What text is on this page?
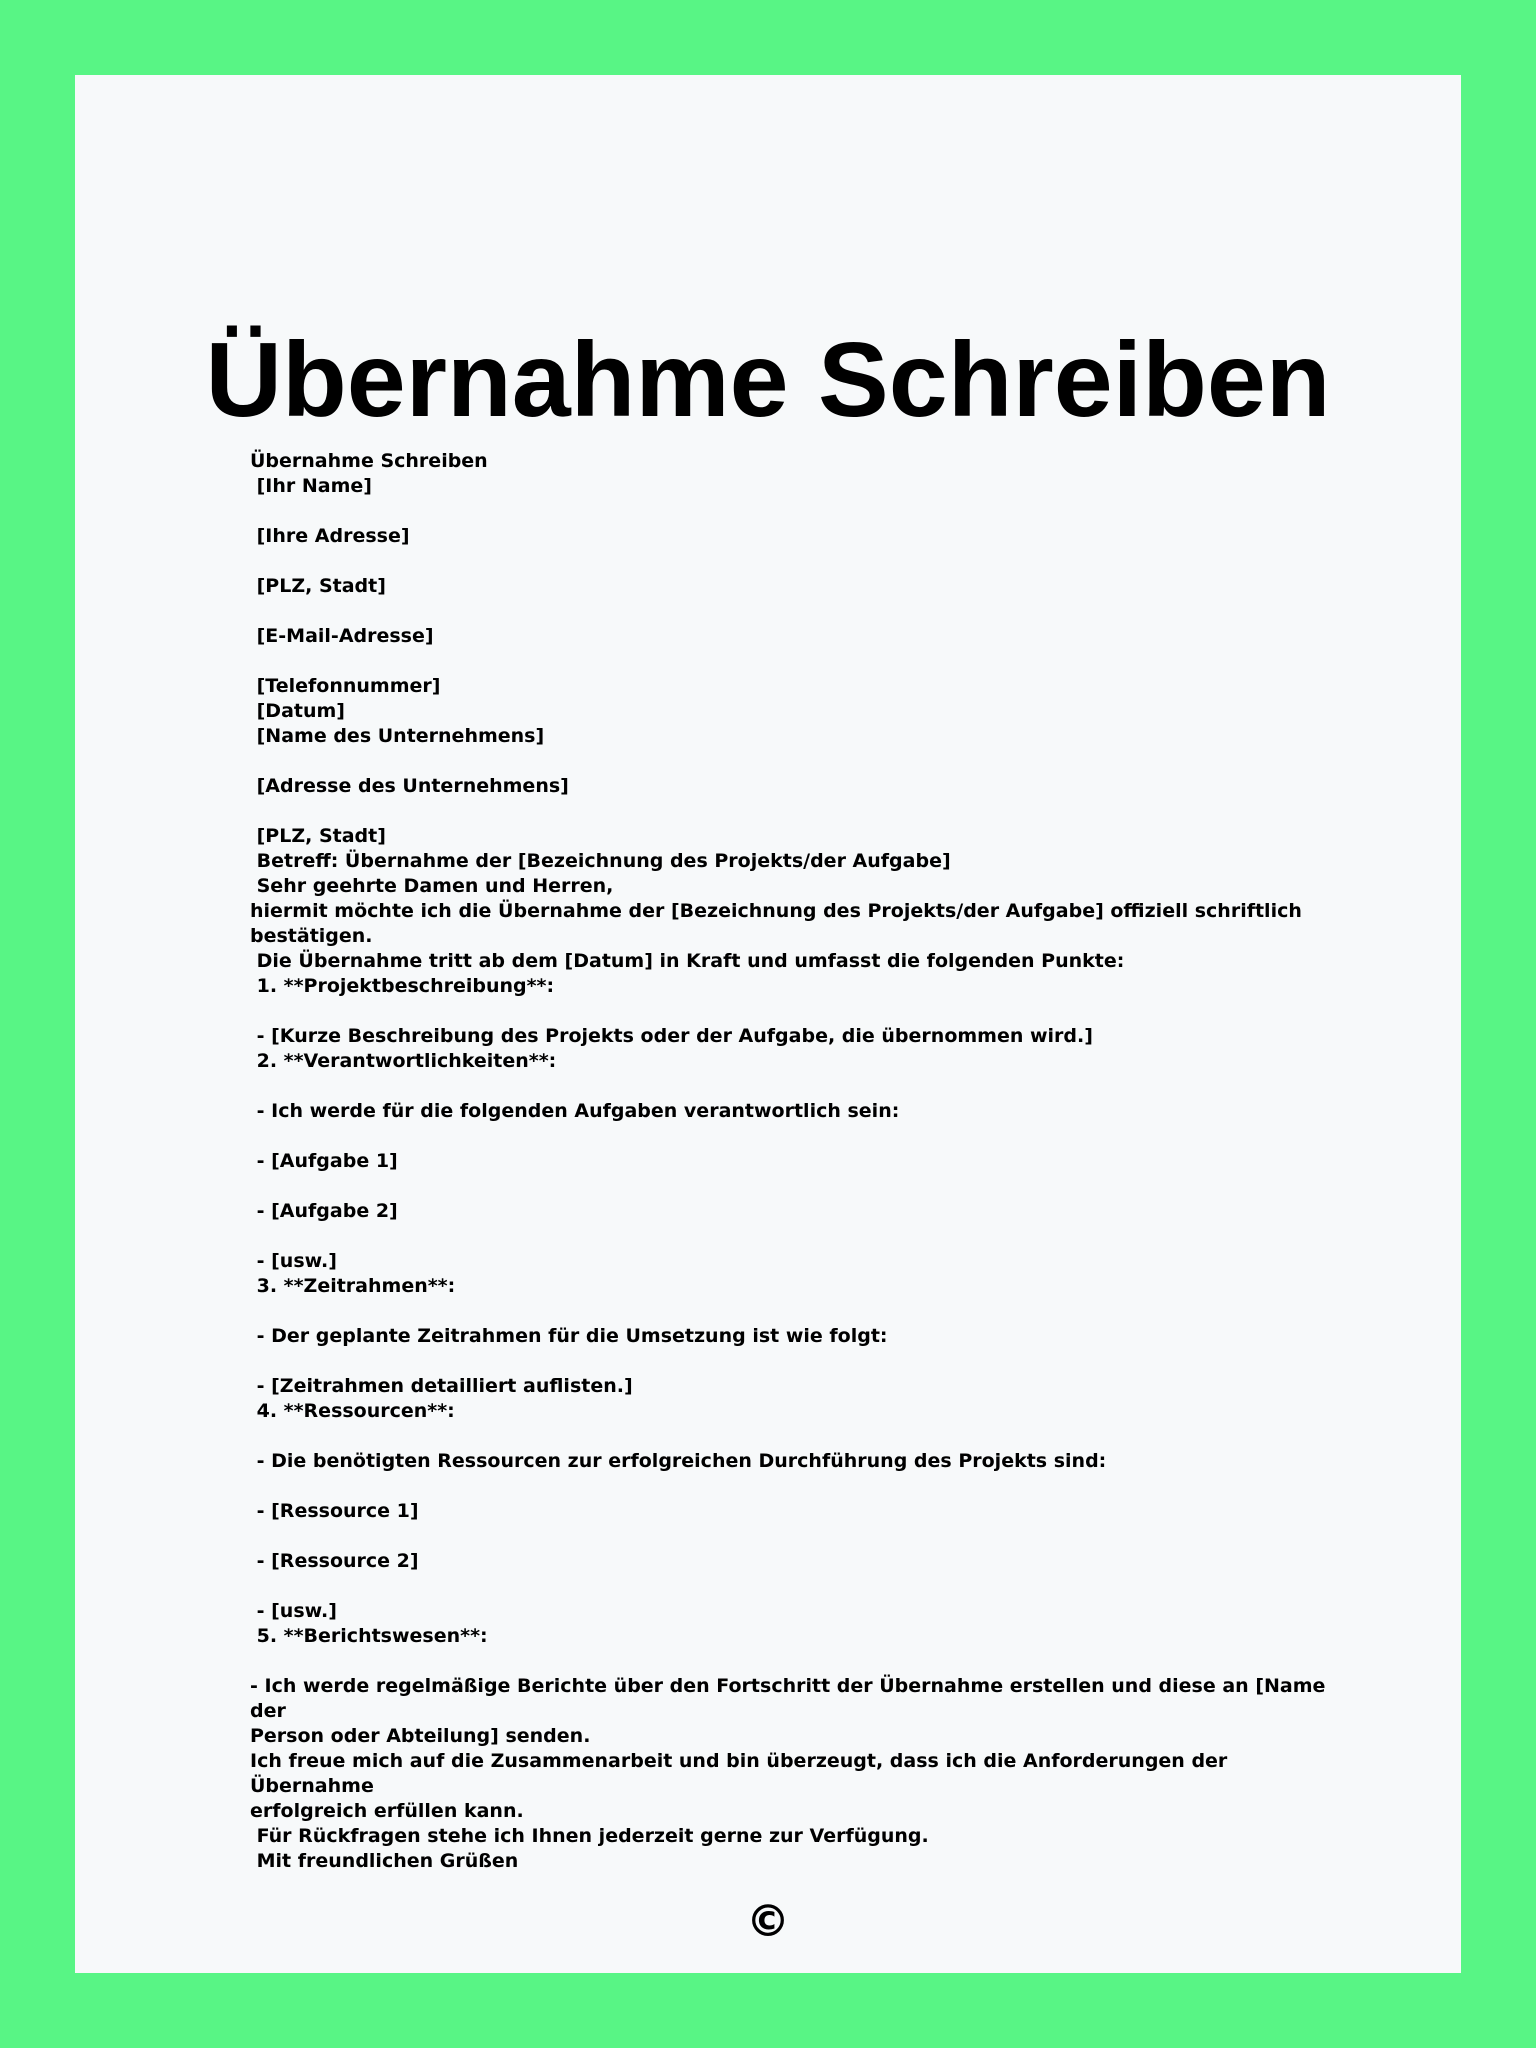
Übernahme Schreiben
Übernahme Schreiben
[Ihr Name]
[Ihre Adresse]
[PLZ, Stadt]
[E-Mail-Adresse]
[Telefonnummer]
[Datum]
[Name des Unternehmens]
[Adresse des Unternehmens]
[PLZ, Stadt]
Betreff: Übernahme der [Bezeichnung des Projekts/der Aufgabe]
Sehr geehrte Damen und Herren,
hiermit möchte ich die Übernahme der [Bezeichnung des Projekts/der Aufgabe] offiziell schriftlich
bestätigen.
Die Übernahme tritt ab dem [Datum] in Kraft und umfasst die folgenden Punkte:
1. **Projektbeschreibung**:
- [Kurze Beschreibung des Projekts oder der Aufgabe, die übernommen wird.]
2. **Verantwortlichkeiten**:
- Ich werde für die folgenden Aufgaben verantwortlich sein:
- [Aufgabe 1]
- [Aufgabe 2]
- [usw.]
3. **Zeitrahmen**:
- Der geplante Zeitrahmen für die Umsetzung ist wie folgt:
- [Zeitrahmen detailliert auflisten.]
4. **Ressourcen**:
- Die benötigten Ressourcen zur erfolgreichen Durchführung des Projekts sind:
- [Ressource 1]
- [Ressource 2]
- [usw.]
5. **Berichtswesen**:
- Ich werde regelmäßige Berichte über den Fortschritt der Übernahme erstellen und diese an [Name der
Person oder Abteilung] senden.
Ich freue mich auf die Zusammenarbeit und bin überzeugt, dass ich die Anforderungen der Übernahme
erfolgreich erfüllen kann.
Für Rückfragen stehe ich Ihnen jederzeit gerne zur Verfügung.
Mit freundlichen Grüßen
©
